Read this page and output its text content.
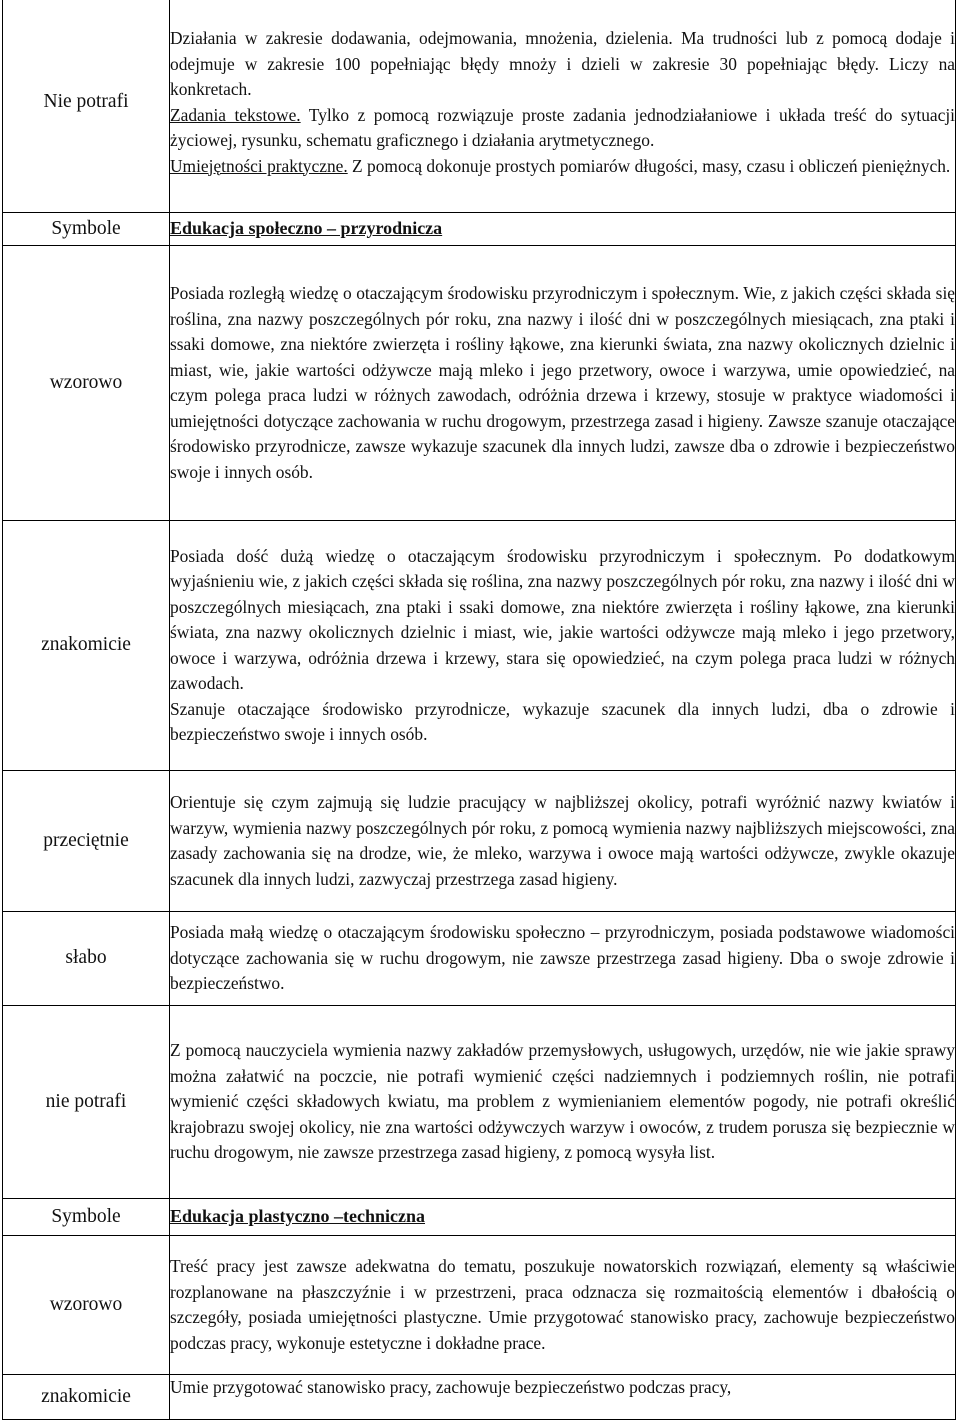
Nie potrafi	Działania w zakresie dodawania, odejmowania, mnożenia, dzielenia. Ma trudności lub z pomocą dodaje i odejmuje w zakresie 100 popełniając błędy mnoży i dzieli w zakresie 30 popełniając błędy. Liczy na konkretach.

Zadania tekstowe. Tylko z pomocą rozwiązuje proste zadania jednodziałaniowe i układa treść do sytuacji życiowej, rysunku, schematu graficznego i działania arytmetycznego.

Umiejętności praktyczne. Z pomocą dokonuje prostych pomiarów długości, masy, czasu i obliczeń pieniężnych.

Symbole	Edukacja społeczno – przyrodnicza
wzorowo	Posiada rozległą wiedzę o otaczającym środowisku przyrodniczym i społecznym. Wie, z jakich części składa się roślina, zna nazwy poszczególnych pór roku, zna nazwy i ilość dni w poszczególnych miesiącach, zna ptaki i ssaki domowe, zna niektóre zwierzęta i rośliny łąkowe, zna kierunki świata, zna nazwy okolicznych dzielnic i miast, wie, jakie wartości odżywcze mają mleko i jego przetwory, owoce i warzywa, umie opowiedzieć, na czym polega praca ludzi w różnych zawodach, odróżnia drzewa i krzewy, stosuje w praktyce wiadomości i umiejętności dotyczące zachowania w ruchu drogowym, przestrzega zasad i higieny. Zawsze szanuje otaczające środowisko przyrodnicze, zawsze wykazuje szacunek dla innych ludzi, zawsze dba o zdrowie i bezpieczeństwo swoje i innych osób.

znakomicie	Posiada dość dużą wiedzę o otaczającym środowisku przyrodniczym i społecznym. Po dodatkowym wyjaśnieniu wie, z jakich części składa się roślina, zna nazwy poszczególnych pór roku, zna nazwy i ilość dni w poszczególnych miesiącach, zna ptaki i ssaki domowe, zna niektóre zwierzęta i rośliny łąkowe, zna kierunki świata, zna nazwy okolicznych dzielnic i miast, wie, jakie wartości odżywcze mają mleko i jego przetwory, owoce i warzywa, odróżnia drzewa i krzewy, stara się opowiedzieć, na czym polega praca ludzi w różnych zawodach.

Szanuje otaczające środowisko przyrodnicze, wykazuje szacunek dla innych ludzi, dba o zdrowie i bezpieczeństwo swoje i innych osób.

przeciętnie	Orientuje się czym zajmują się ludzie pracujący w najbliższej okolicy, potrafi wyróżnić nazwy kwiatów i warzyw, wymienia nazwy poszczególnych pór roku, z pomocą wymienia nazwy najbliższych miejscowości, zna zasady zachowania się na drodze, wie, że mleko, warzywa i owoce mają wartości odżywcze, zwykle okazuje szacunek dla innych ludzi, zazwyczaj przestrzega zasad higieny.

słabo	Posiada małą wiedzę o otaczającym środowisku społeczno – przyrodniczym, posiada podstawowe wiadomości dotyczące zachowania się w ruchu drogowym, nie zawsze przestrzega zasad higieny. Dba o swoje zdrowie i bezpieczeństwo.

nie potrafi	Z pomocą nauczyciela wymienia nazwy zakładów przemysłowych, usługowych, urzędów, nie wie jakie sprawy można załatwić na poczcie, nie potrafi wymienić części nadziemnych i podziemnych roślin, nie potrafi wymienić części składowych kwiatu, ma problem z wymienianiem elementów pogody, nie potrafi określić krajobrazu swojej okolicy, nie zna wartości odżywczych warzyw i owoców, z trudem porusza się bezpiecznie w ruchu drogowym, nie zawsze przestrzega zasad higieny, z pomocą wysyła list.

Symbole	Edukacja plastyczno –techniczna
wzorowo	Treść pracy jest zawsze adekwatna do tematu, poszukuje nowatorskich rozwiązań, elementy są właściwie rozplanowane na płaszczyźnie i w przestrzeni, praca odznacza się rozmaitością elementów i dbałością o szczegóły, posiada umiejętności plastyczne. Umie przygotować stanowisko pracy, zachowuje bezpieczeństwo podczas pracy, wykonuje estetyczne i dokładne prace.

znakomicie	Umie przygotować stanowisko pracy, zachowuje bezpieczeństwo podczas pracy,
